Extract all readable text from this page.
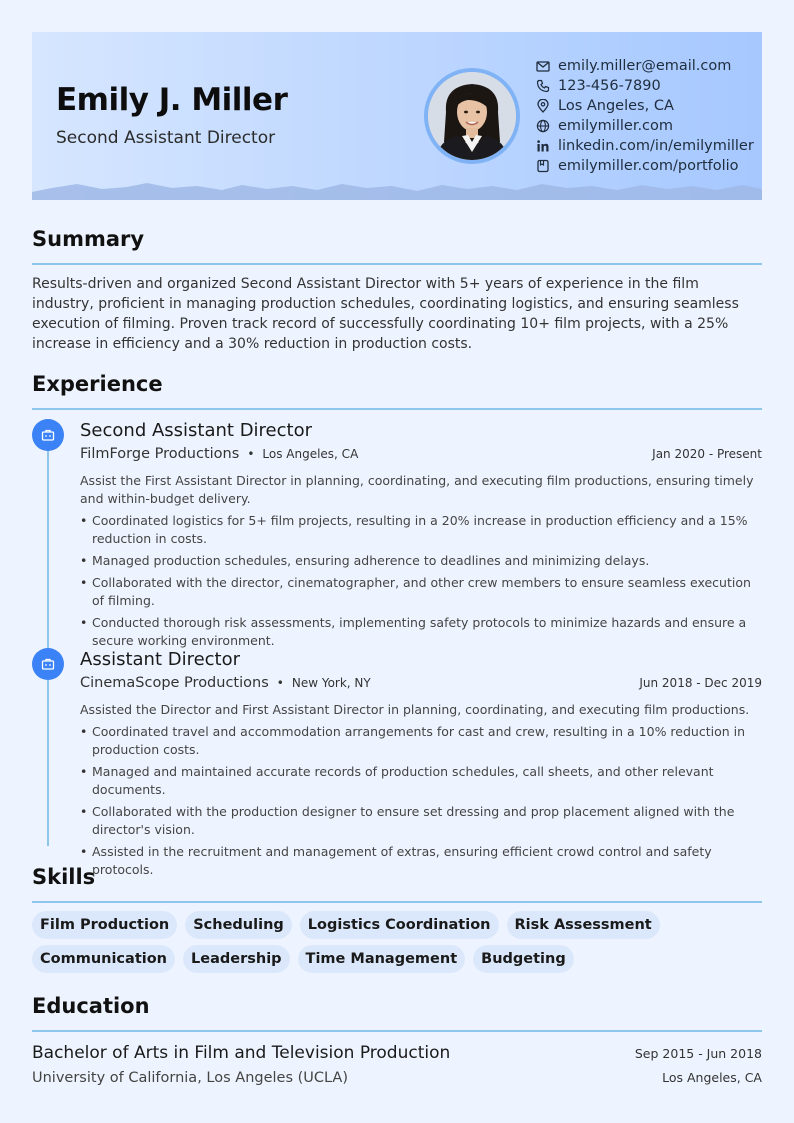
Emily J. Miller
Second Assistant Director
emily.miller@email.com
123-456-7890
Los Angeles, CA
emilymiller.com
linkedin.com/in/emilymiller
emilymiller.com/portfolio
Summary
Results-driven and organized Second Assistant Director with 5+ years of experience in the film industry, proficient in managing production schedules, coordinating logistics, and ensuring seamless execution of filming. Proven track record of successfully coordinating 10+ film projects, with a 25% increase in efficiency and a 30% reduction in production costs.
Experience
Second Assistant Director
FilmForge Productions • Los Angeles, CA	Jan 2020 - Present
Assist the First Assistant Director in planning, coordinating, and executing film productions, ensuring timely and within-budget delivery.
• Coordinated logistics for 5+ film projects, resulting in a 20% increase in production efficiency and a 15% reduction in costs.
• Managed production schedules, ensuring adherence to deadlines and minimizing delays.
• Collaborated with the director, cinematographer, and other crew members to ensure seamless execution of filming.
• Conducted thorough risk assessments, implementing safety protocols to minimize hazards and ensure a secure working environment.
Assistant Director
CinemaScope Productions • New York, NY	Jun 2018 - Dec 2019
Assisted the Director and First Assistant Director in planning, coordinating, and executing film productions.
• Coordinated travel and accommodation arrangements for cast and crew, resulting in a 10% reduction in production costs.
• Managed and maintained accurate records of production schedules, call sheets, and other relevant documents.
• Collaborated with the production designer to ensure set dressing and prop placement aligned with the director's vision.
• Assisted in the recruitment and management of extras, ensuring efficient crowd control and safety protocols.
Skills
Film Production	Scheduling	Logistics Coordination	Risk Assessment
Communication	Leadership	Time Management	Budgeting
Education
Bachelor of Arts in Film and Television Production	Sep 2015 - Jun 2018
University of California, Los Angeles (UCLA)	Los Angeles, CA
